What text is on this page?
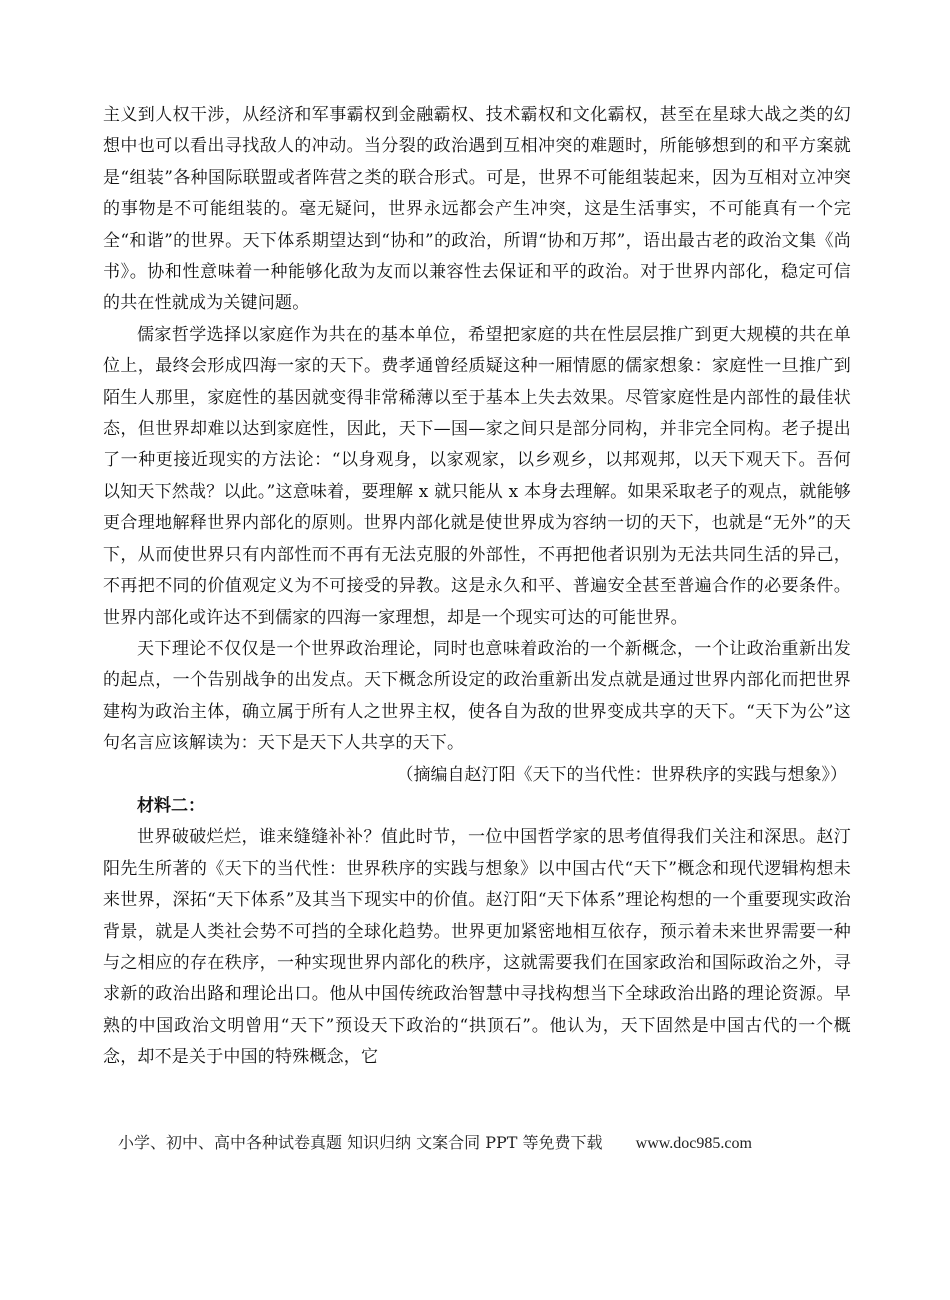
主义到人权干涉，从经济和军事霸权到金融霸权、技术霸权和文化霸权，甚至在星球大战之类的幻想中也可以看出寻找敌人的冲动。当分裂的政治遇到互相冲突的难题时，所能够想到的和平方案就是“组装”各种国际联盟或者阵营之类的联合形式。可是，世界不可能组装起来，因为互相对立冲突的事物是不可能组装的。毫无疑问，世界永远都会产生冲突，这是生活事实，不可能真有一个完全“和谐”的世界。天下体系期望达到“协和”的政治，所谓“协和万邦”，语出最古老的政治文集《尚书》。协和性意味着一种能够化敌为友而以兼容性去保证和平的政治。对于世界内部化，稳定可信的共在性就成为关键问题。

儒家哲学选择以家庭作为共在的基本单位，希望把家庭的共在性层层推广到更大规模的共在单位上，最终会形成四海一家的天下。费孝通曾经质疑这种一厢情愿的儒家想象：家庭性一旦推广到陌生人那里，家庭性的基因就变得非常稀薄以至于基本上失去效果。尽管家庭性是内部性的最佳状态，但世界却难以达到家庭性，因此，天下—国—家之间只是部分同构，并非完全同构。老子提出了一种更接近现实的方法论：“以身观身，以家观家，以乡观乡，以邦观邦，以天下观天下。吾何以知天下然哉？以此。”这意味着，要理解 x 就只能从 x 本身去理解。如果采取老子的观点，就能够更合理地解释世界内部化的原则。世界内部化就是使世界成为容纳一切的天下，也就是“无外”的天下，从而使世界只有内部性而不再有无法克服的外部性，不再把他者识别为无法共同生活的异己，不再把不同的价值观定义为不可接受的异教。这是永久和平、普遍安全甚至普遍合作的必要条件。世界内部化或许达不到儒家的四海一家理想，却是一个现实可达的可能世界。

天下理论不仅仅是一个世界政治理论，同时也意味着政治的一个新概念，一个让政治重新出发的起点，一个告别战争的出发点。天下概念所设定的政治重新出发点就是通过世界内部化而把世界建构为政治主体，确立属于所有人之世界主权，使各自为敌的世界变成共享的天下。“天下为公”这句名言应该解读为：天下是天下人共享的天下。

（摘编自赵汀阳《天下的当代性：世界秩序的实践与想象》）

材料二：

世界破破烂烂，谁来缝缝补补？值此时节，一位中国哲学家的思考值得我们关注和深思。赵汀阳先生所著的《天下的当代性：世界秩序的实践与想象》以中国古代“天下”概念和现代逻辑构想未来世界，深拓“天下体系”及其当下现实中的价值。赵汀阳“天下体系”理论构想的一个重要现实政治背景，就是人类社会势不可挡的全球化趋势。世界更加紧密地相互依存，预示着未来世界需要一种与之相应的存在秩序，一种实现世界内部化的秩序，这就需要我们在国家政治和国际政治之外，寻求新的政治出路和理论出口。他从中国传统政治智慧中寻找构想当下全球政治出路的理论资源。早熟的中国政治文明曾用“天下”预设天下政治的“拱顶石”。他认为，天下固然是中国古代的一个概念，却不是关于中国的特殊概念，它

小学、初中、高中各种试卷真题 知识归纳 文案合同 PPT 等免费下载 www.doc985.com
